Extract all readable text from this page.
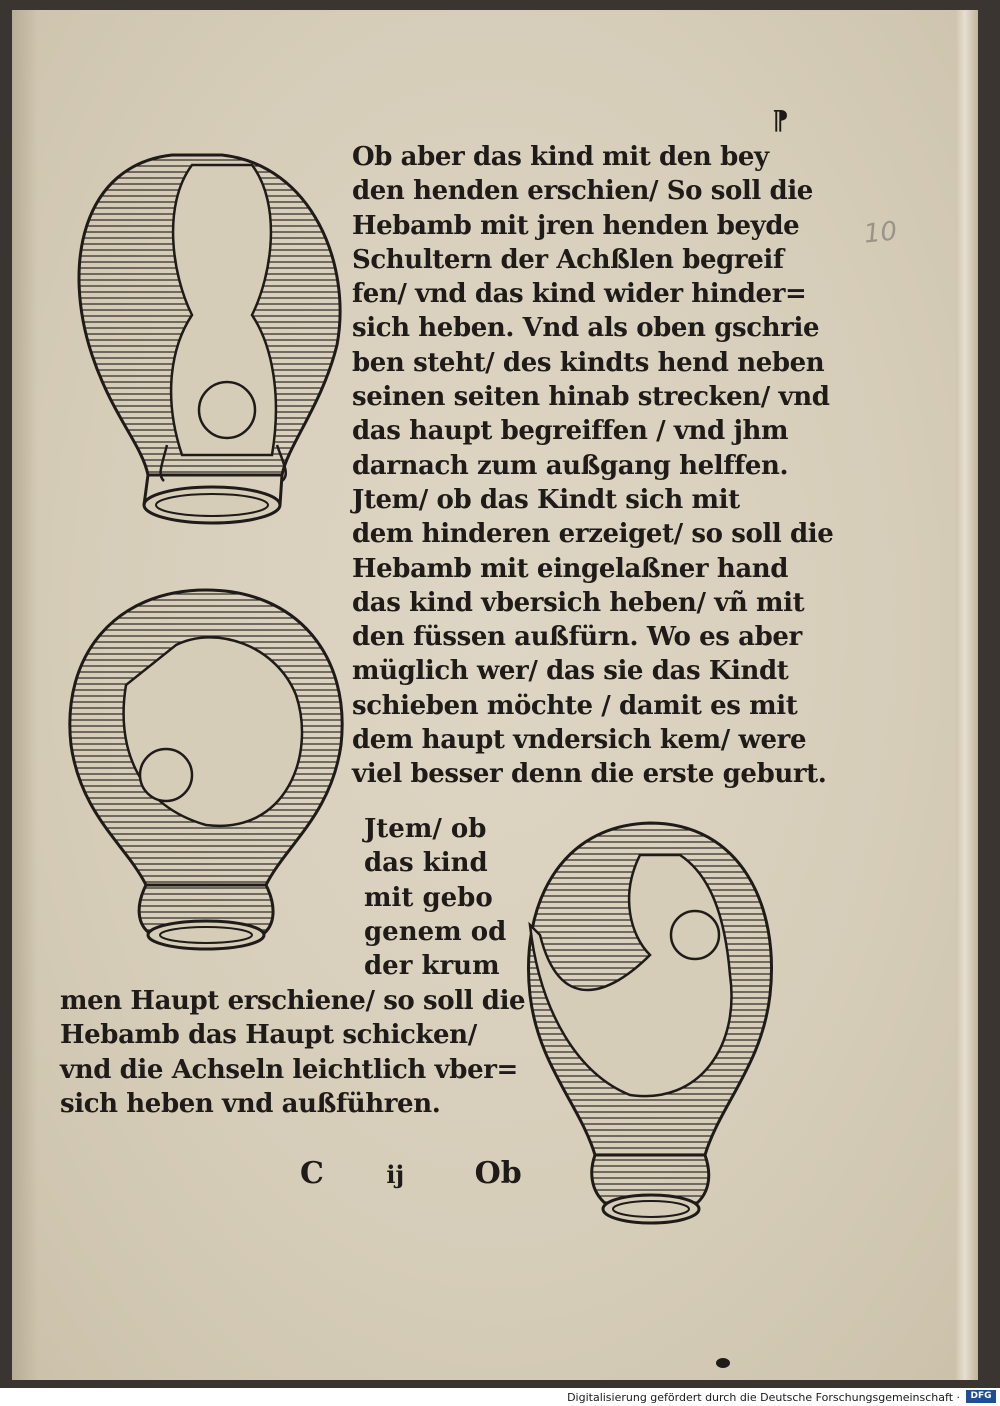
⁋
10
Ob aber das kind mit den bey
den henden erschien/ So soll die
Hebamb mit jren henden beyde
Schultern der Achßlen begreif
fen/ vnd das kind wider hinder=
sich heben. Vnd als oben gschrie
ben steht/ des kindts hend neben
seinen seiten hinab strecken/ vnd
das haupt begreiffen / vnd jhm
darnach zum außgang helffen.
Jtem/ ob das Kindt sich mit
dem hinderen erzeiget/ so soll die
Hebamb mit eingelaßner hand
das kind vbersich heben/ vñ mit
den füssen außfürn. Wo es aber
müglich wer/ das sie das Kindt
schieben möchte / damit es mit
dem haupt vndersich kem/ were
viel besser denn die erste geburt.
Jtem/ ob
das kind
mit gebo
genem od
der krum
men Haupt erschiene/ so soll die
Hebamb das Haupt schicken/
vnd die Achseln leichtlich vber=
sich heben vnd außführen.
C	ij Ob
Digitalisierung gefördert durch die Deutsche Forschungsgemeinschaft ·	DFG
